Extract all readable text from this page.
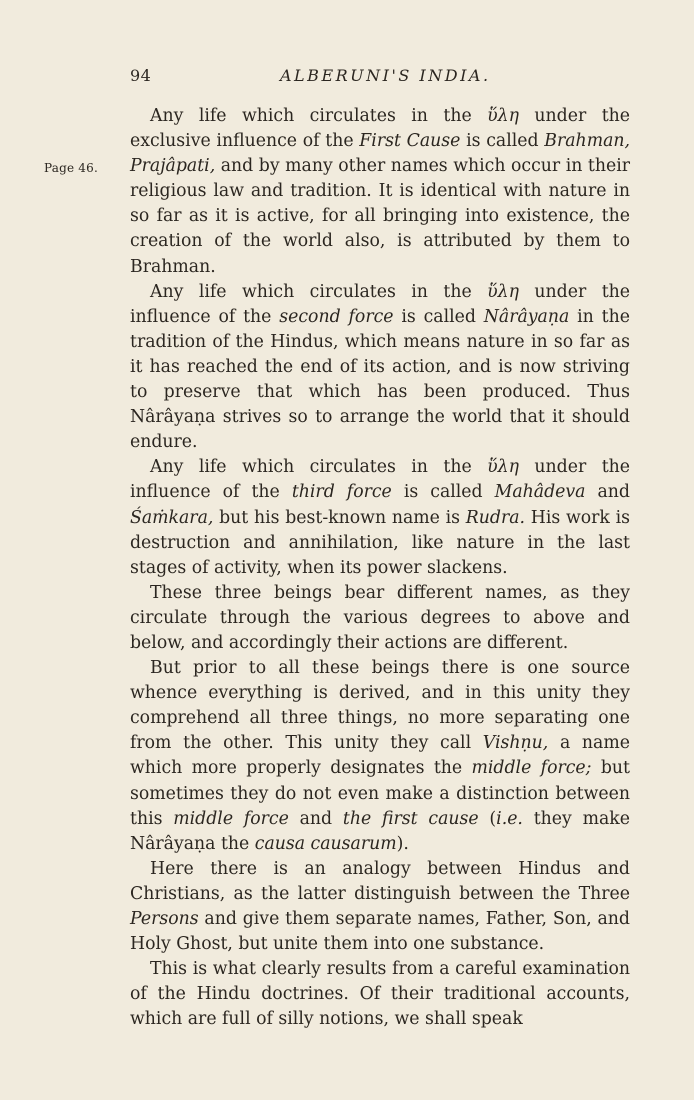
94	ALBERUNI'S INDIA.
Page 46.

Any life which circulates in the ὕλη under the exclusive influence of the First Cause is called Brahman, Prajâpati, and by many other names which occur in their religious law and tradition. It is identical with nature in so far as it is active, for all bringing into existence, the creation of the world also, is attributed by them to Brahman.

Any life which circulates in the ὕλη under the influence of the second force is called Nârâyaṇa in the tradition of the Hindus, which means nature in so far as it has reached the end of its action, and is now striving to preserve that which has been produced. Thus Nârâyaṇa strives so to arrange the world that it should endure.

Any life which circulates in the ὕλη under the influence of the third force is called Mahâdeva and Śaṁkara, but his best-known name is Rudra. His work is destruction and annihilation, like nature in the last stages of activity, when its power slackens.

These three beings bear different names, as they circulate through the various degrees to above and below, and accordingly their actions are different.

But prior to all these beings there is one source whence everything is derived, and in this unity they comprehend all three things, no more separating one from the other. This unity they call Vishṇu, a name which more properly designates the middle force; but sometimes they do not even make a distinction between this middle force and the first cause (i.e. they make Nârâyaṇa the causa causarum).

Here there is an analogy between Hindus and Christians, as the latter distinguish between the Three Persons and give them separate names, Father, Son, and Holy Ghost, but unite them into one substance.

This is what clearly results from a careful examination of the Hindu doctrines. Of their traditional accounts, which are full of silly notions, we shall speak
